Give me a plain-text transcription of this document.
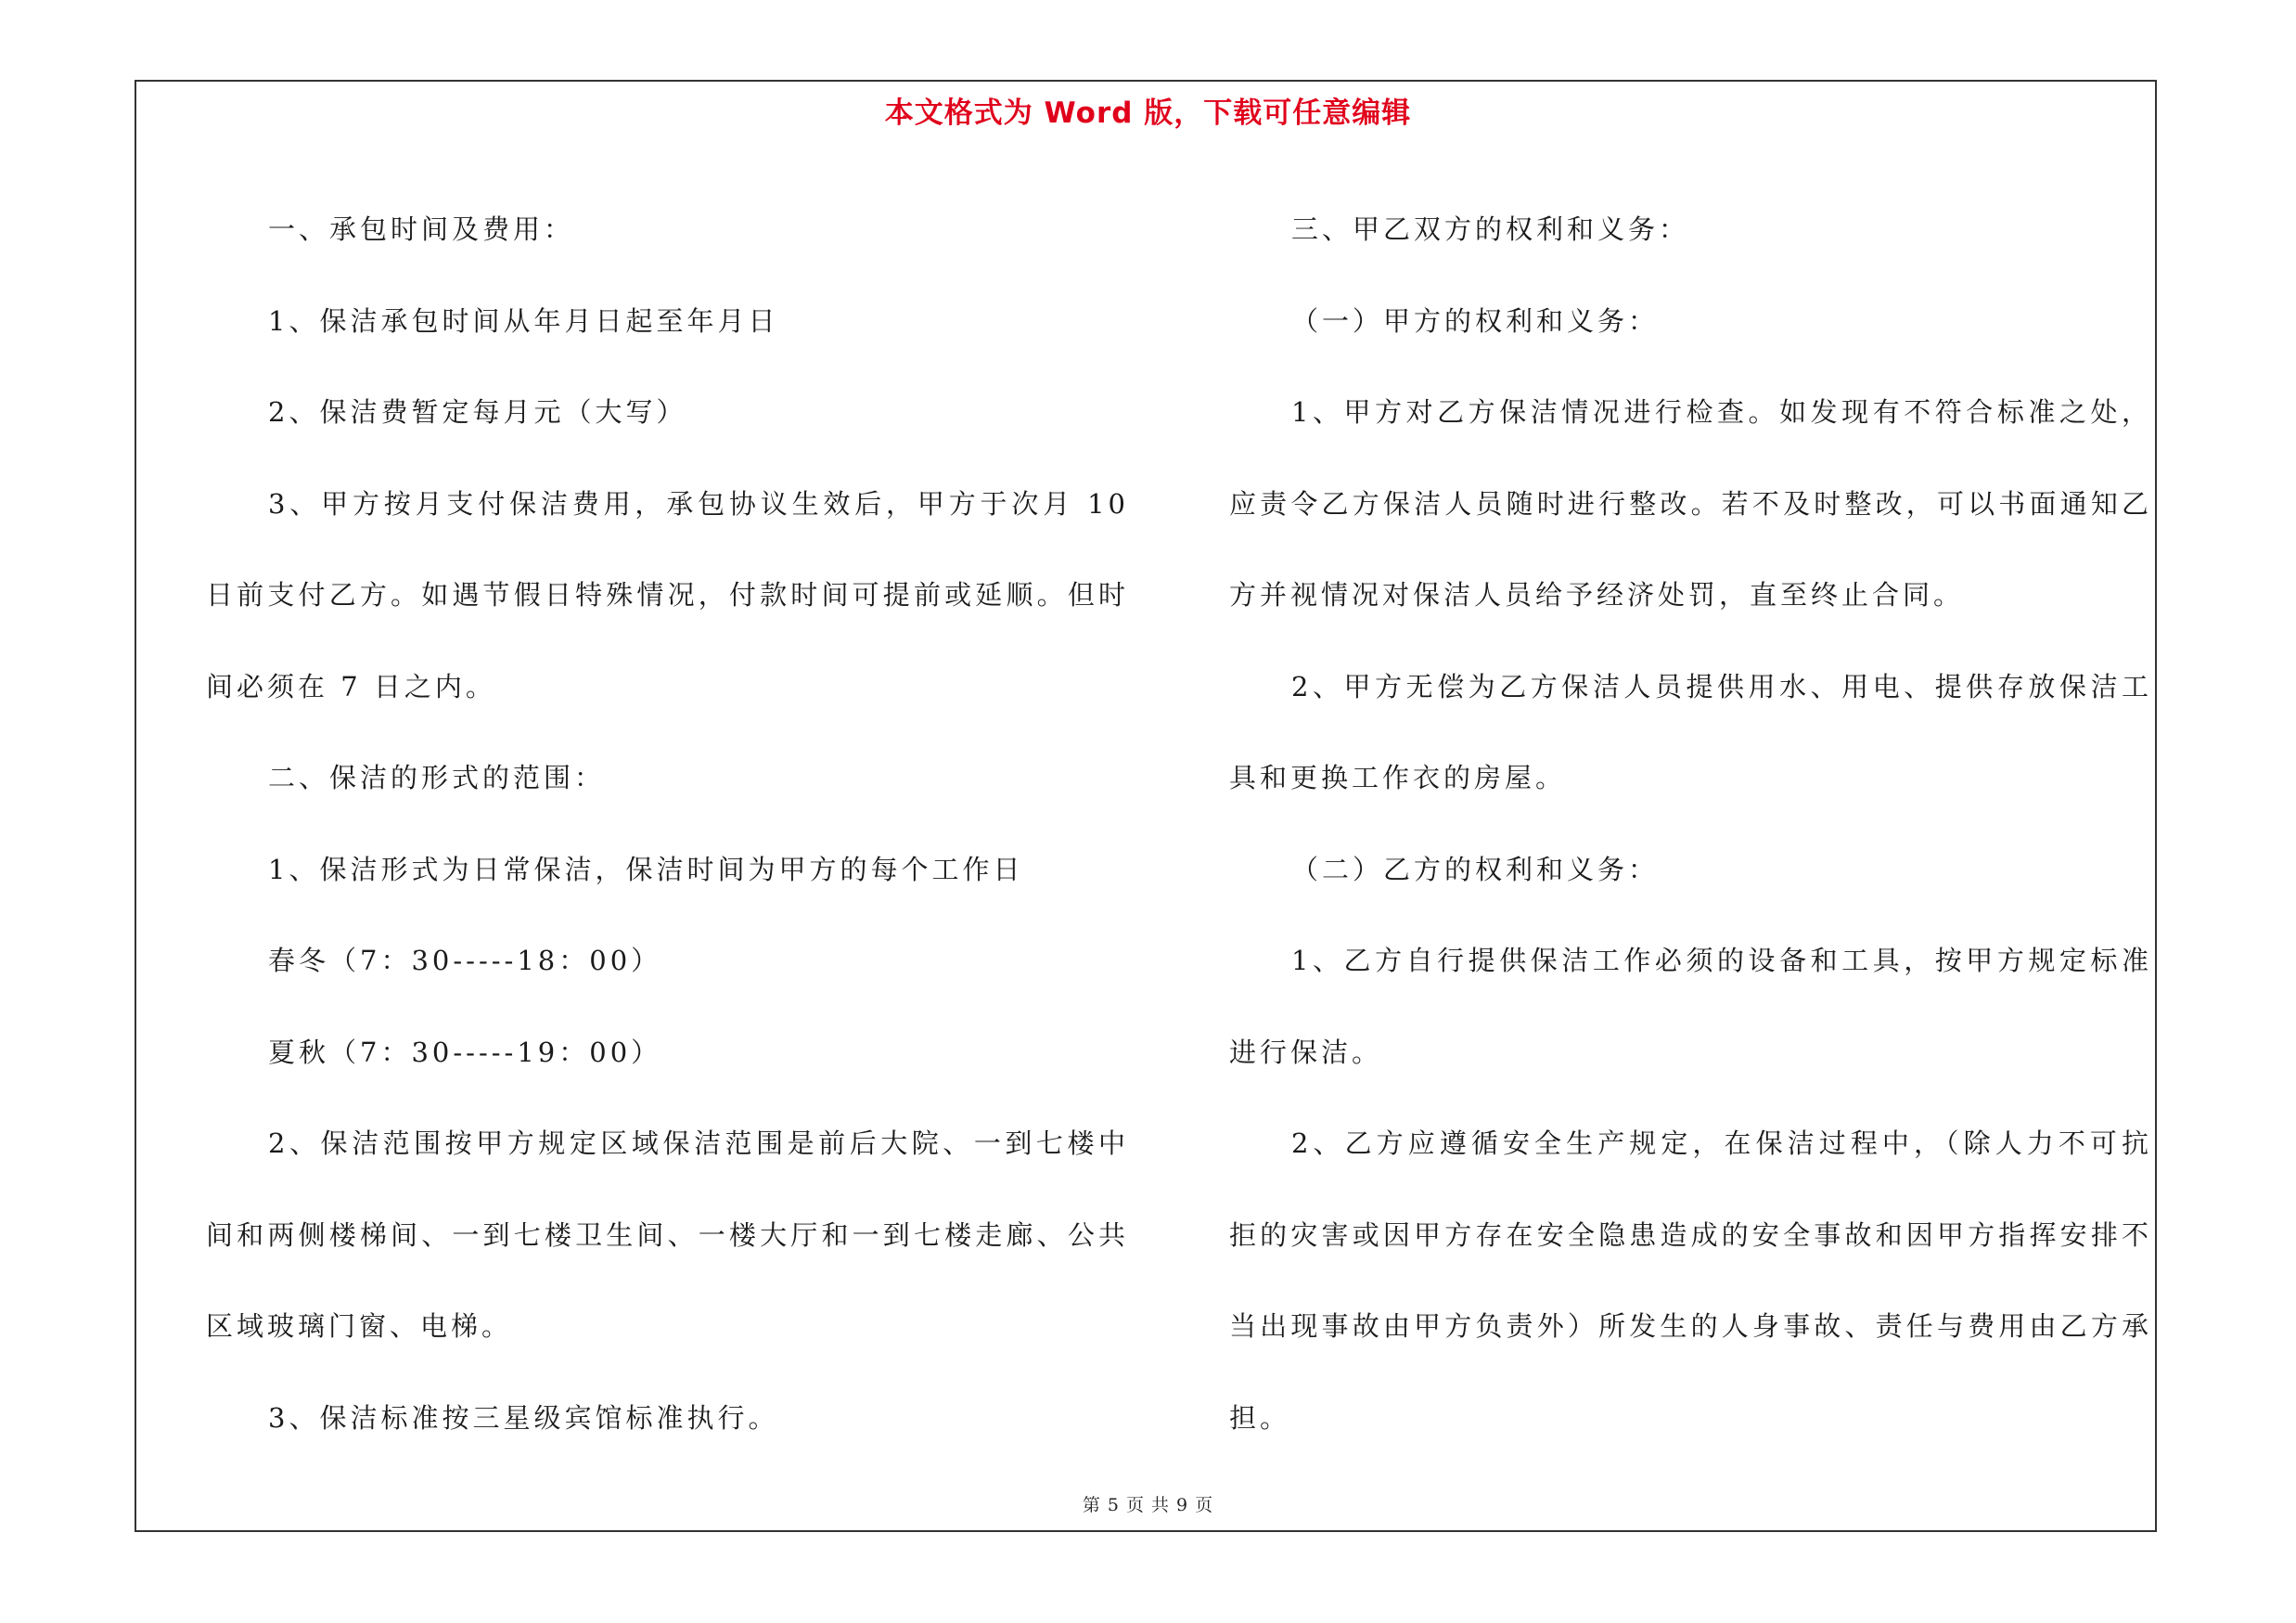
本文格式为 Word 版，下载可任意编辑

一、承包时间及费用：

1、保洁承包时间从年月日起至年月日

2、保洁费暂定每月元（大写）

3、甲方按月支付保洁费用，承包协议生效后，甲方于次月 10 日前支付乙方。如遇节假日特殊情况，付款时间可提前或延顺。但时间必须在 7 日之内。

二、保洁的形式的范围：

1、保洁形式为日常保洁，保洁时间为甲方的每个工作日

春冬（7：30-----18：00）

夏秋（7：30-----19：00）

2、保洁范围按甲方规定区域保洁范围是前后大院、一到七楼中间和两侧楼梯间、一到七楼卫生间、一楼大厅和一到七楼走廊、公共区域玻璃门窗、电梯。

3、保洁标准按三星级宾馆标准执行。

三、甲乙双方的权利和义务：

（一）甲方的权利和义务：

1、甲方对乙方保洁情况进行检查。如发现有不符合标准之处，应责令乙方保洁人员随时进行整改。若不及时整改，可以书面通知乙方并视情况对保洁人员给予经济处罚，直至终止合同。

2、甲方无偿为乙方保洁人员提供用水、用电、提供存放保洁工具和更换工作衣的房屋。

（二）乙方的权利和义务：

1、乙方自行提供保洁工作必须的设备和工具，按甲方规定标准进行保洁。

2、乙方应遵循安全生产规定，在保洁过程中，（除人力不可抗拒的灾害或因甲方存在安全隐患造成的安全事故和因甲方指挥安排不当出现事故由甲方负责外）所发生的人身事故、责任与费用由乙方承担。

第 5 页 共 9 页
